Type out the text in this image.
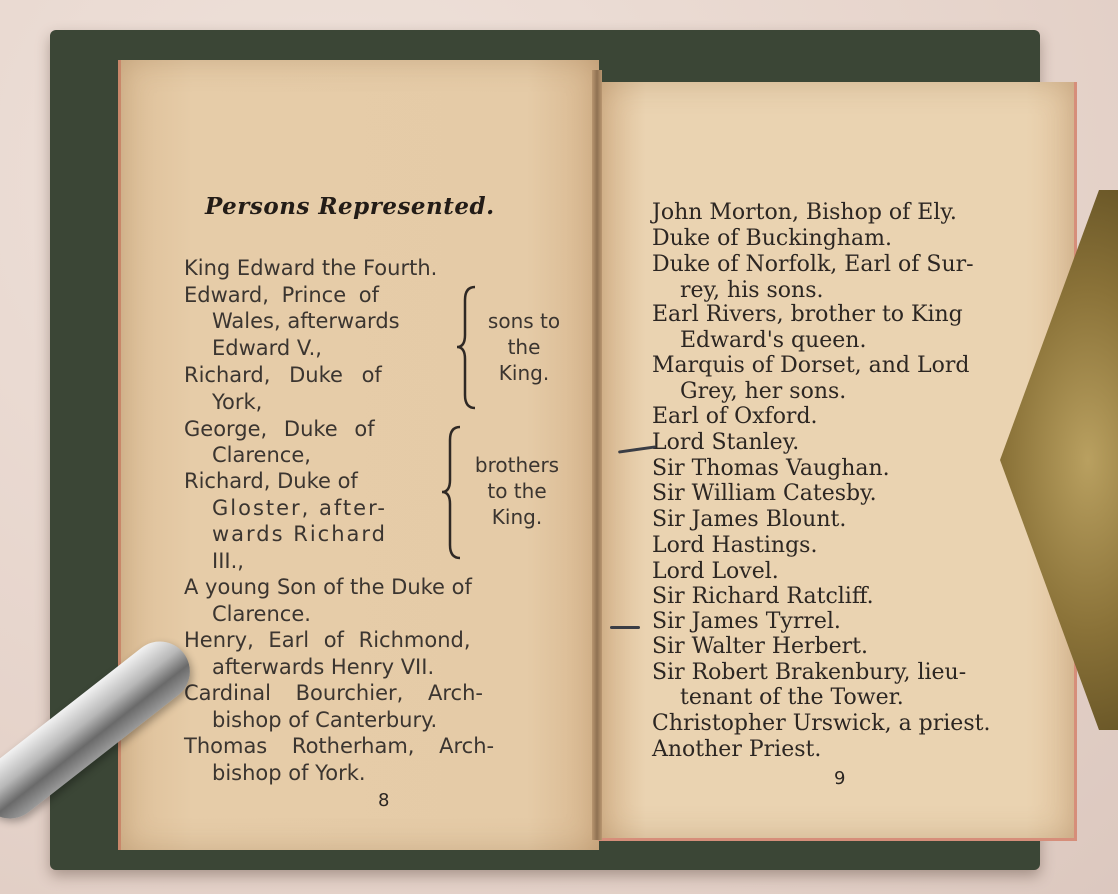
Persons Represented.
King Edward the Fourth.
Edward, Prince of
Wales, afterwards
Edward V.,
Richard, Duke of
York,
George, Duke of
Clarence,
Richard, Duke of
Gloster, after-
wards Richard
III.,
A young Son of the Duke of
Clarence.
Henry, Earl of Richmond,
afterwards Henry VII.
Cardinal Bourchier, Arch-
bishop of Canterbury.
Thomas Rotherham, Arch-
bishop of York.
sons to
the
King.
brothers
to the
King.
8
John Morton, Bishop of Ely.
Duke of Buckingham.
Duke of Norfolk, Earl of Sur-
rey, his sons.
Earl Rivers, brother to King
Edward's queen.
Marquis of Dorset, and Lord
Grey, her sons.
Earl of Oxford.
Lord Stanley.
Sir Thomas Vaughan.
Sir William Catesby.
Sir James Blount.
Lord Hastings.
Lord Lovel.
Sir Richard Ratcliff.
Sir James Tyrrel.
Sir Walter Herbert.
Sir Robert Brakenbury, lieu-
tenant of the Tower.
Christopher Urswick, a priest.
Another Priest.
9
